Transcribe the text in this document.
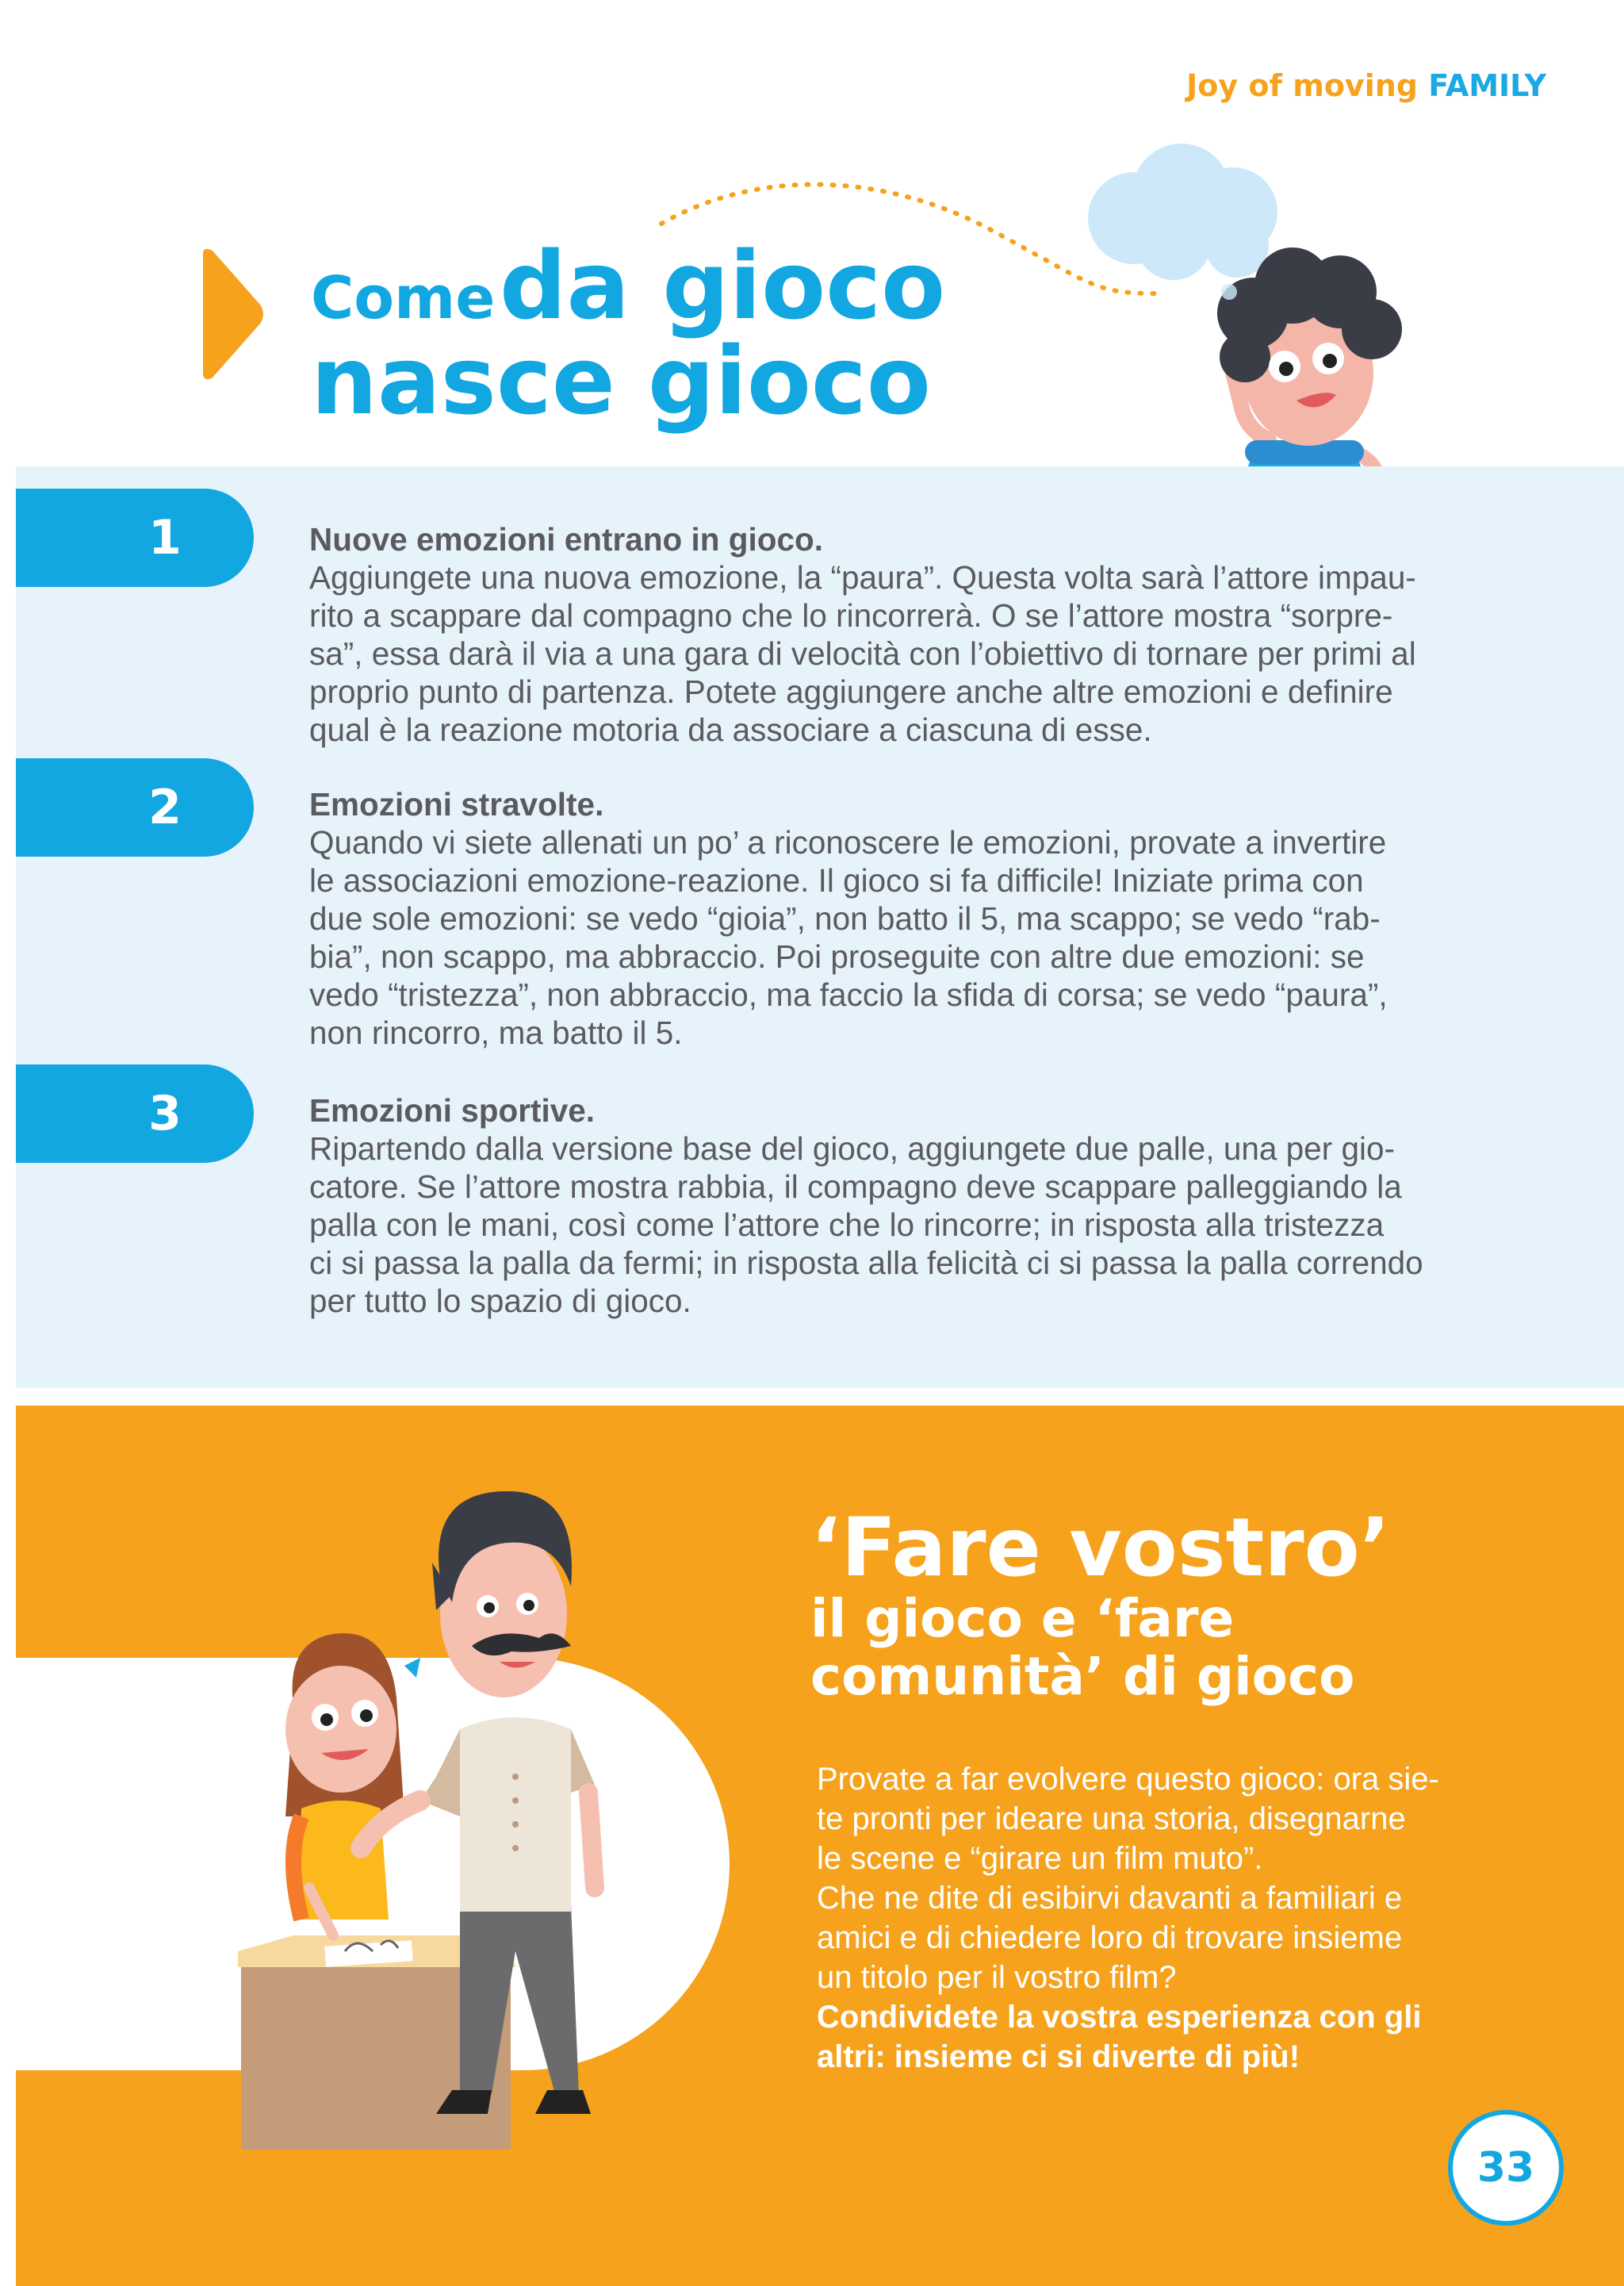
Joy of moving FAMILY
Come da gioco
nasce gioco
1	Nuove emozioni entrano in gioco.
Aggiungete una nuova emozione, la “paura”. Questa volta sarà l’attore impau-
rito a scappare dal compagno che lo rincorrerà. O se l’attore mostra “sorpre-
sa”, essa darà il via a una gara di velocità con l’obiettivo di tornare per primi al
proprio punto di partenza. Potete aggiungere anche altre emozioni e definire
qual è la reazione motoria da associare a ciascuna di esse.
2	Emozioni stravolte.
Quando vi siete allenati un po’ a riconoscere le emozioni, provate a invertire
le associazioni emozione-reazione. Il gioco si fa difficile! Iniziate prima con
due sole emozioni: se vedo “gioia”, non batto il 5, ma scappo; se vedo “rab-
bia”, non scappo, ma abbraccio. Poi proseguite con altre due emozioni: se
vedo “tristezza”, non abbraccio, ma faccio la sfida di corsa; se vedo “paura”,
non rincorro, ma batto il 5.
3	Emozioni sportive.
Ripartendo dalla versione base del gioco, aggiungete due palle, una per gio-
catore. Se l’attore mostra rabbia, il compagno deve scappare palleggiando la
palla con le mani, così come l’attore che lo rincorre; in risposta alla tristezza
ci si passa la palla da fermi; in risposta alla felicità ci si passa la palla correndo
per tutto lo spazio di gioco.
‘Fare vostro’
il gioco e ‘fare
comunità’ di gioco
Provate a far evolvere questo gioco: ora sie-
te pronti per ideare una storia, disegnarne
le scene e “girare un film muto”.
Che ne dite di esibirvi davanti a familiari e
amici e di chiedere loro di trovare insieme
un titolo per il vostro film?
Condividete la vostra esperienza con gli
altri: insieme ci si diverte di più!
33
